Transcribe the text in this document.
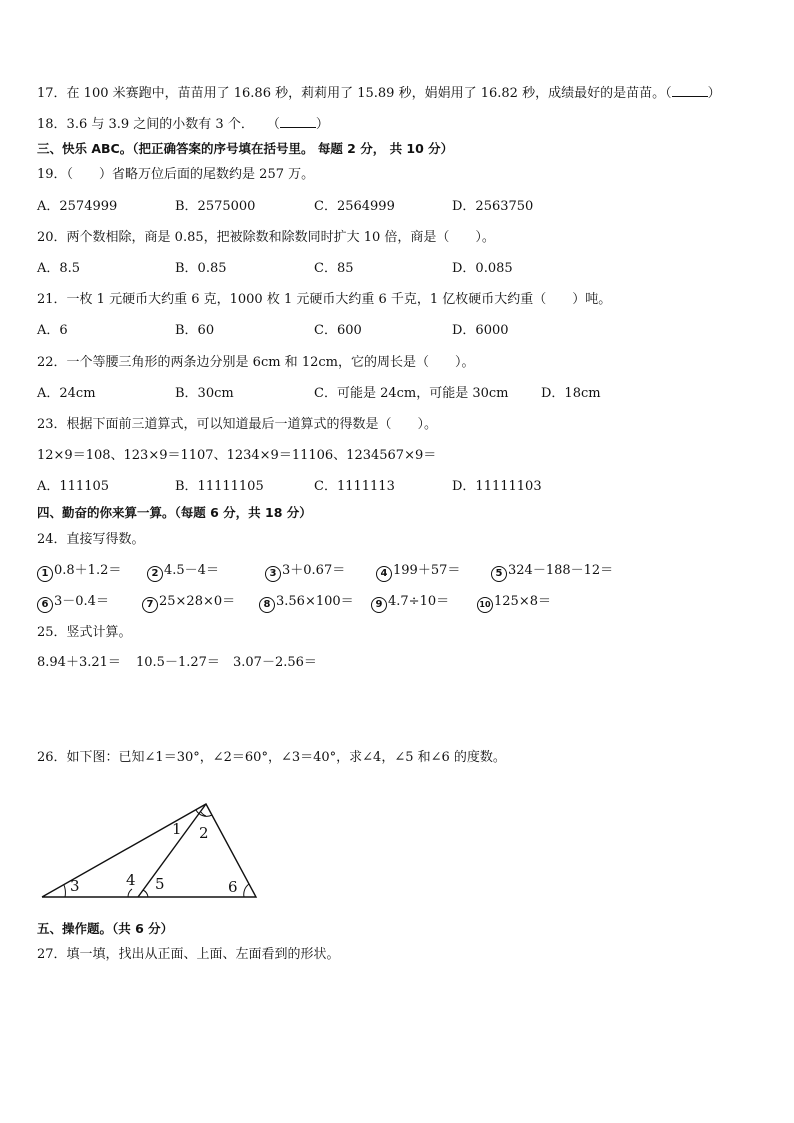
17．在 100 米赛跑中，苗苗用了 16.86 秒，莉莉用了 15.89 秒，娟娟用了 16.82 秒，成绩最好的是苗苗。（	）
18．3.6 与 3.9 之间的小数有 3 个．　　（	）
三、快乐 ABC。（把正确答案的序号填在括号里。 每题 2 分， 共 10 分）
19．（　　）省略万位后面的尾数约是 257 万。
A．2574999	B．2575000	C．2564999	D．2563750
20．两个数相除，商是 0.85，把被除数和除数同时扩大 10 倍，商是（　　）。
A．8.5	B．0.85	C．85	D．0.085
21．一枚 1 元硬币大约重 6 克，1000 枚 1 元硬币大约重 6 千克，1 亿枚硬币大约重（　　）吨。
A．6	B．60	C．600	D．6000
22．一个等腰三角形的两条边分别是 6cm 和 12cm，它的周长是（　　）。
A．24cm	B．30cm	C．可能是 24cm，可能是 30cm D．18cm
23．根据下面前三道算式，可以知道最后一道算式的得数是（　　）。
12×9＝108、123×9＝1107、1234×9＝11106、1234567×9＝
A．111105	B．11111105	C．1111113	D．11111103
四、勤奋的你来算一算。（每题 6 分，共 18 分）
24．直接写得数。
1 0.8＋1.2＝	2 4.5－4＝	3 3＋0.67＝	4 199＋57＝	5 324－188－12＝
6 3－0.4＝	7 25×28×0＝	8 3.56×100＝	9 4.7÷10＝	10 125×8＝
25．竖式计算。
8.94＋3.21＝ 10.5－1.27＝ 3.07－2.56＝
26．如下图：已知∠1＝30°，∠2＝60°，∠3＝40°，求∠4，∠5 和∠6 的度数。
1 2
3	4 5	6
五、操作题。（共 6 分）
27．填一填，找出从正面、上面、左面看到的形状。
